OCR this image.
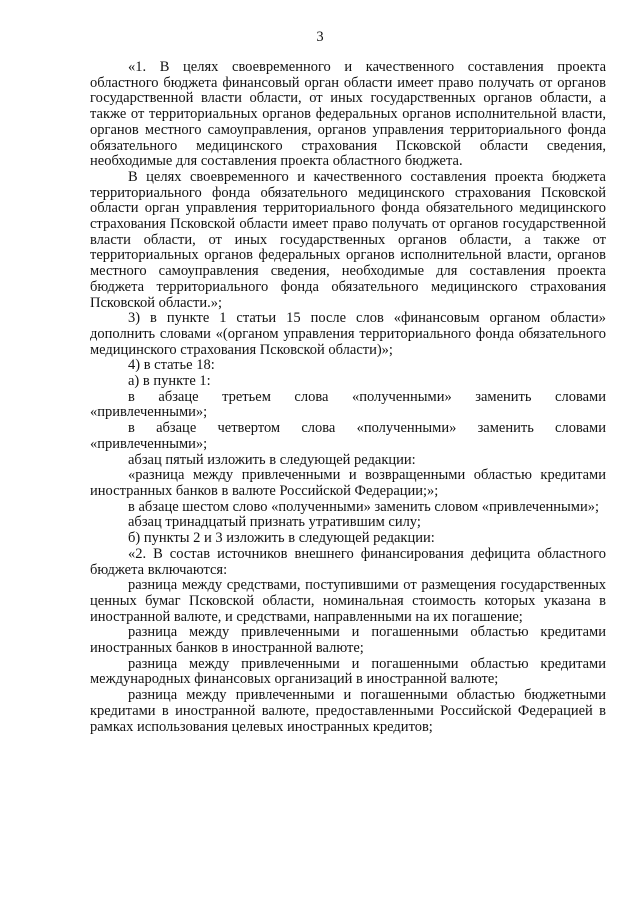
3

«1. В целях своевременного и качественного составления проекта областного бюджета финансовый орган области имеет право получать от органов государственной власти области, от иных государственных органов области, а также от территориальных органов федеральных органов исполнительной власти, органов местного самоуправления, органов управления территориального фонда обязательного медицинского страхования Псковской области сведения, необходимые для составления проекта областного бюджета.

В целях своевременного и качественного составления проекта бюджета территориального фонда обязательного медицинского страхования Псковской области орган управления территориального фонда обязательного медицинского страхования Псковской области имеет право получать от органов государственной власти области, от иных государственных органов области, а также от территориальных органов федеральных органов исполнительной власти, органов местного самоуправления сведения, необходимые для составления проекта бюджета территориального фонда обязательного медицинского страхования Псковской области.»;

3) в пункте 1 статьи 15 после слов «финансовым органом области» дополнить словами «(органом управления территориального фонда обязательного медицинского страхования Псковской области)»;

4) в статье 18:

а) в пункте 1:

в абзаце третьем слова «полученными» заменить словами «привлеченными»;

в абзаце четвертом слова «полученными» заменить словами «привлеченными»;

абзац пятый изложить в следующей редакции:

«разница между привлеченными и возвращенными областью кредитами иностранных банков в валюте Российской Федерации;»;

в абзаце шестом слово «полученными» заменить словом «привлеченными»;

абзац тринадцатый признать утратившим силу;

б) пункты 2 и 3 изложить в следующей редакции:

«2. В состав источников внешнего финансирования дефицита областного бюджета включаются:

разница между средствами, поступившими от размещения государственных ценных бумаг Псковской области, номинальная стоимость которых указана в иностранной валюте, и средствами, направленными на их погашение;

разница между привлеченными и погашенными областью кредитами иностранных банков в иностранной валюте;

разница между привлеченными и погашенными областью кредитами международных финансовых организаций в иностранной валюте;

разница между привлеченными и погашенными областью бюджетными кредитами в иностранной валюте, предоставленными Российской Федерацией в рамках использования целевых иностранных кредитов;
